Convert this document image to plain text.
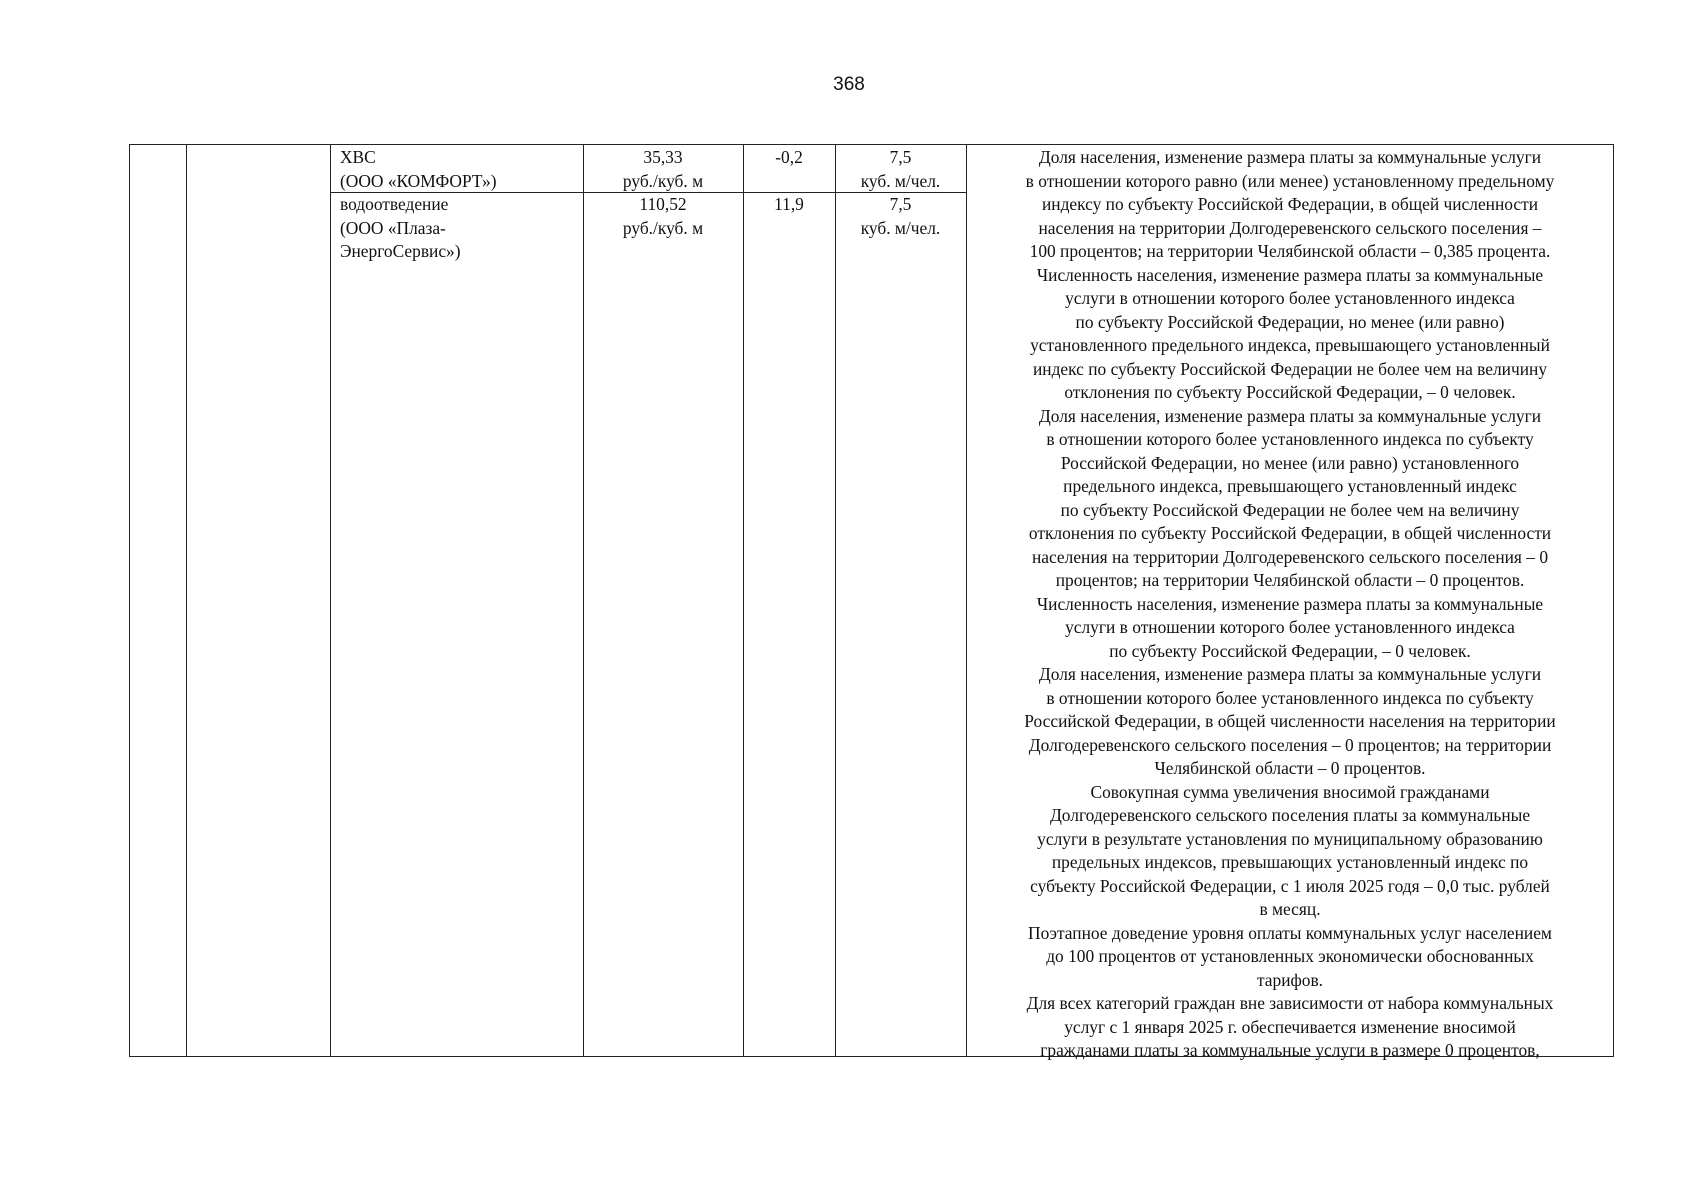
368
ХВС
(ООО «КОМФОРТ»)
35,33
руб./куб. м
-0,2	7,5
куб. м/чел.
водоотведение
(ООО «Плаза-
ЭнергоСервис»)
110,52
руб./куб. м
11,9	7,5
куб. м/чел.
Доля населения, изменение размера платы за коммунальные услуги
в отношении которого равно (или менее) установленному предельному
индексу по субъекту Российской Федерации, в общей численности
населения на территории Долгодеревенского сельского поселения –
100 процентов; на территории Челябинской области – 0,385 процента.
Численность населения, изменение размера платы за коммунальные
услуги в отношении которого более установленного индекса
по субъекту Российской Федерации, но менее (или равно)
установленного предельного индекса, превышающего установленный
индекс по субъекту Российской Федерации не более чем на величину
отклонения по субъекту Российской Федерации, – 0 человек.
Доля населения, изменение размера платы за коммунальные услуги
в отношении которого более установленного индекса по субъекту
Российской Федерации, но менее (или равно) установленного
предельного индекса, превышающего установленный индекс
по субъекту Российской Федерации не более чем на величину
отклонения по субъекту Российской Федерации, в общей численности
населения на территории Долгодеревенского сельского поселения – 0
процентов; на территории Челябинской области – 0 процентов.
Численность населения, изменение размера платы за коммунальные
услуги в отношении которого более установленного индекса
по субъекту Российской Федерации, – 0 человек.
Доля населения, изменение размера платы за коммунальные услуги
в отношении которого более установленного индекса по субъекту
Российской Федерации, в общей численности населения на территории
Долгодеревенского сельского поселения – 0 процентов; на территории
Челябинской области – 0 процентов.
Совокупная сумма увеличения вносимой гражданами
Долгодеревенского сельского поселения платы за коммунальные
услуги в результате установления по муниципальному образованию
предельных индексов, превышающих установленный индекс по
субъекту Российской Федерации, с 1 июля 2025 годя – 0,0 тыс. рублей
в месяц.
Поэтапное доведение уровня оплаты коммунальных услуг населением
до 100 процентов от установленных экономически обоснованных
тарифов.
Для всех категорий граждан вне зависимости от набора коммунальных
услуг с 1 января 2025 г. обеспечивается изменение вносимой
гражданами платы за коммунальные услуги в размере 0 процентов,
